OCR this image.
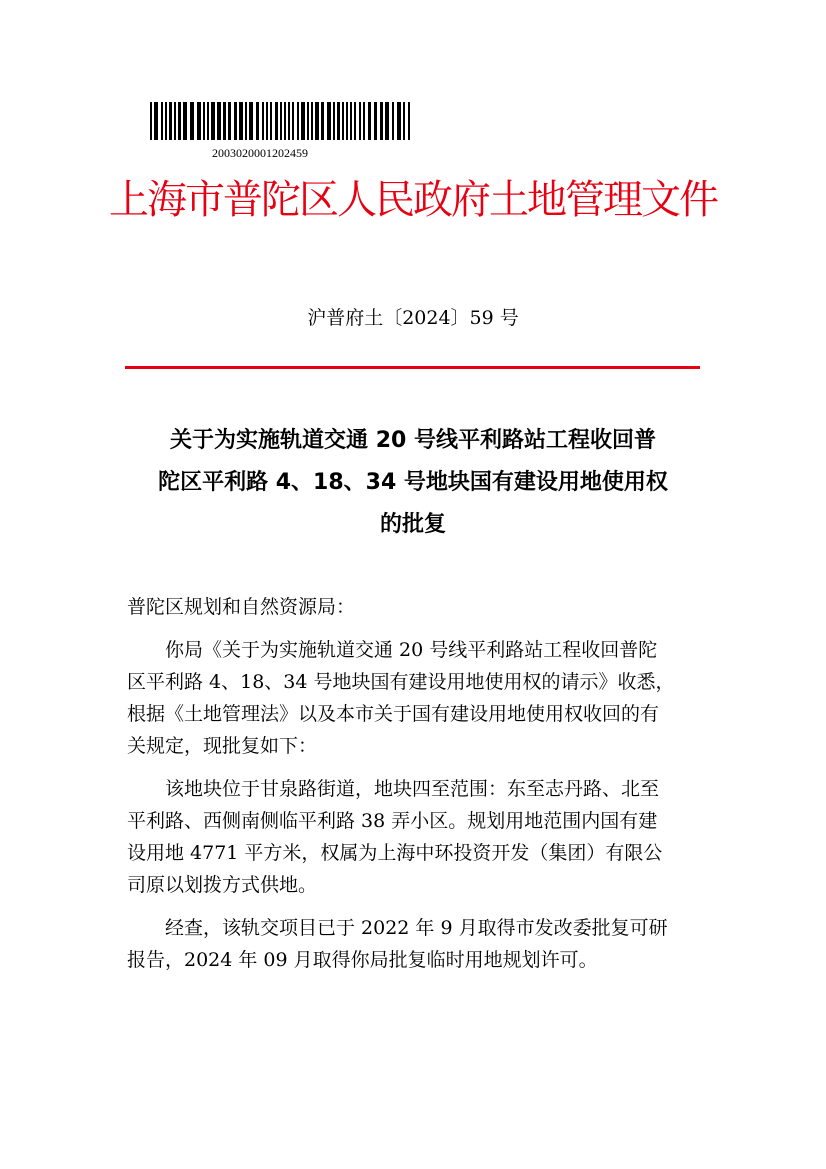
2003020001202459
上海市普陀区人民政府土地管理文件
沪普府土〔2024〕59 号
关于为实施轨道交通 20 号线平利路站工程收回普
陀区平利路 4、18、34 号地块国有建设用地使用权
的批复

普陀区规划和自然资源局：

你局《关于为实施轨道交通 20 号线平利路站工程收回普陀
区平利路 4、18、34 号地块国有建设用地使用权的请示》收悉，
根据《土地管理法》以及本市关于国有建设用地使用权收回的有
关规定，现批复如下：

该地块位于甘泉路街道，地块四至范围：东至志丹路、北至
平利路、西侧南侧临平利路 38 弄小区。规划用地范围内国有建
设用地 4771 平方米，权属为上海中环投资开发（集团）有限公
司原以划拨方式供地。

经查，该轨交项目已于 2022 年 9 月取得市发改委批复可研
报告，2024 年 09 月取得你局批复临时用地规划许可。
